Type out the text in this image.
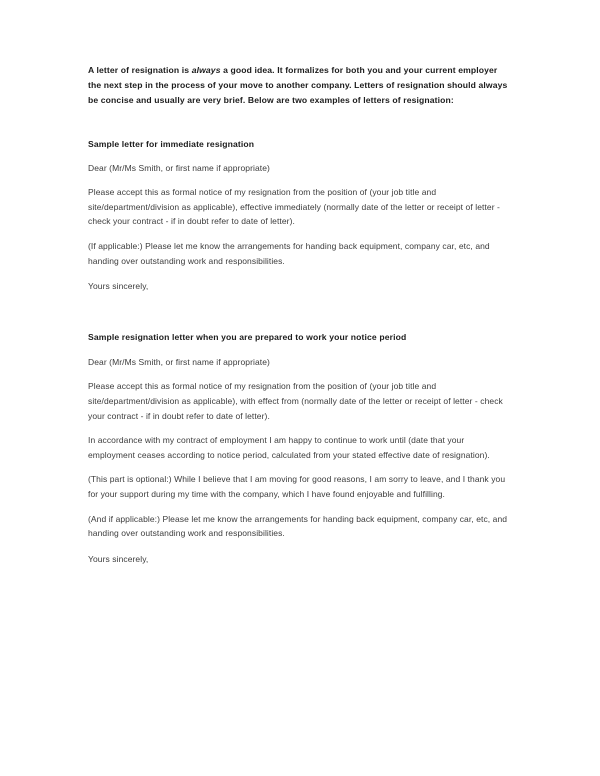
A letter of resignation is always a good idea. It formalizes for both you and your current employer the next step in the process of your move to another company. Letters of resignation should always be concise and usually are very brief. Below are two examples of letters of resignation:

Sample letter for immediate resignation
Dear (Mr/Ms Smith, or first name if appropriate)
Please accept this as formal notice of my resignation from the position of (your job title and site/department/division as applicable), effective immediately (normally date of the letter or receipt of letter - check your contract - if in doubt refer to date of letter).
(If applicable:) Please let me know the arrangements for handing back equipment, company car, etc, and handing over outstanding work and responsibilities.
Yours sincerely,
Sample resignation letter when you are prepared to work your notice period
Dear (Mr/Ms Smith, or first name if appropriate)
Please accept this as formal notice of my resignation from the position of (your job title and site/department/division as applicable), with effect from (normally date of the letter or receipt of letter - check your contract - if in doubt refer to date of letter).
In accordance with my contract of employment I am happy to continue to work until (date that your employment ceases according to notice period, calculated from your stated effective date of resignation).
(This part is optional:) While I believe that I am moving for good reasons, I am sorry to leave, and I thank you for your support during my time with the company, which I have found enjoyable and fulfilling.
(And if applicable:) Please let me know the arrangements for handing back equipment, company car, etc, and handing over outstanding work and responsibilities.
Yours sincerely,
